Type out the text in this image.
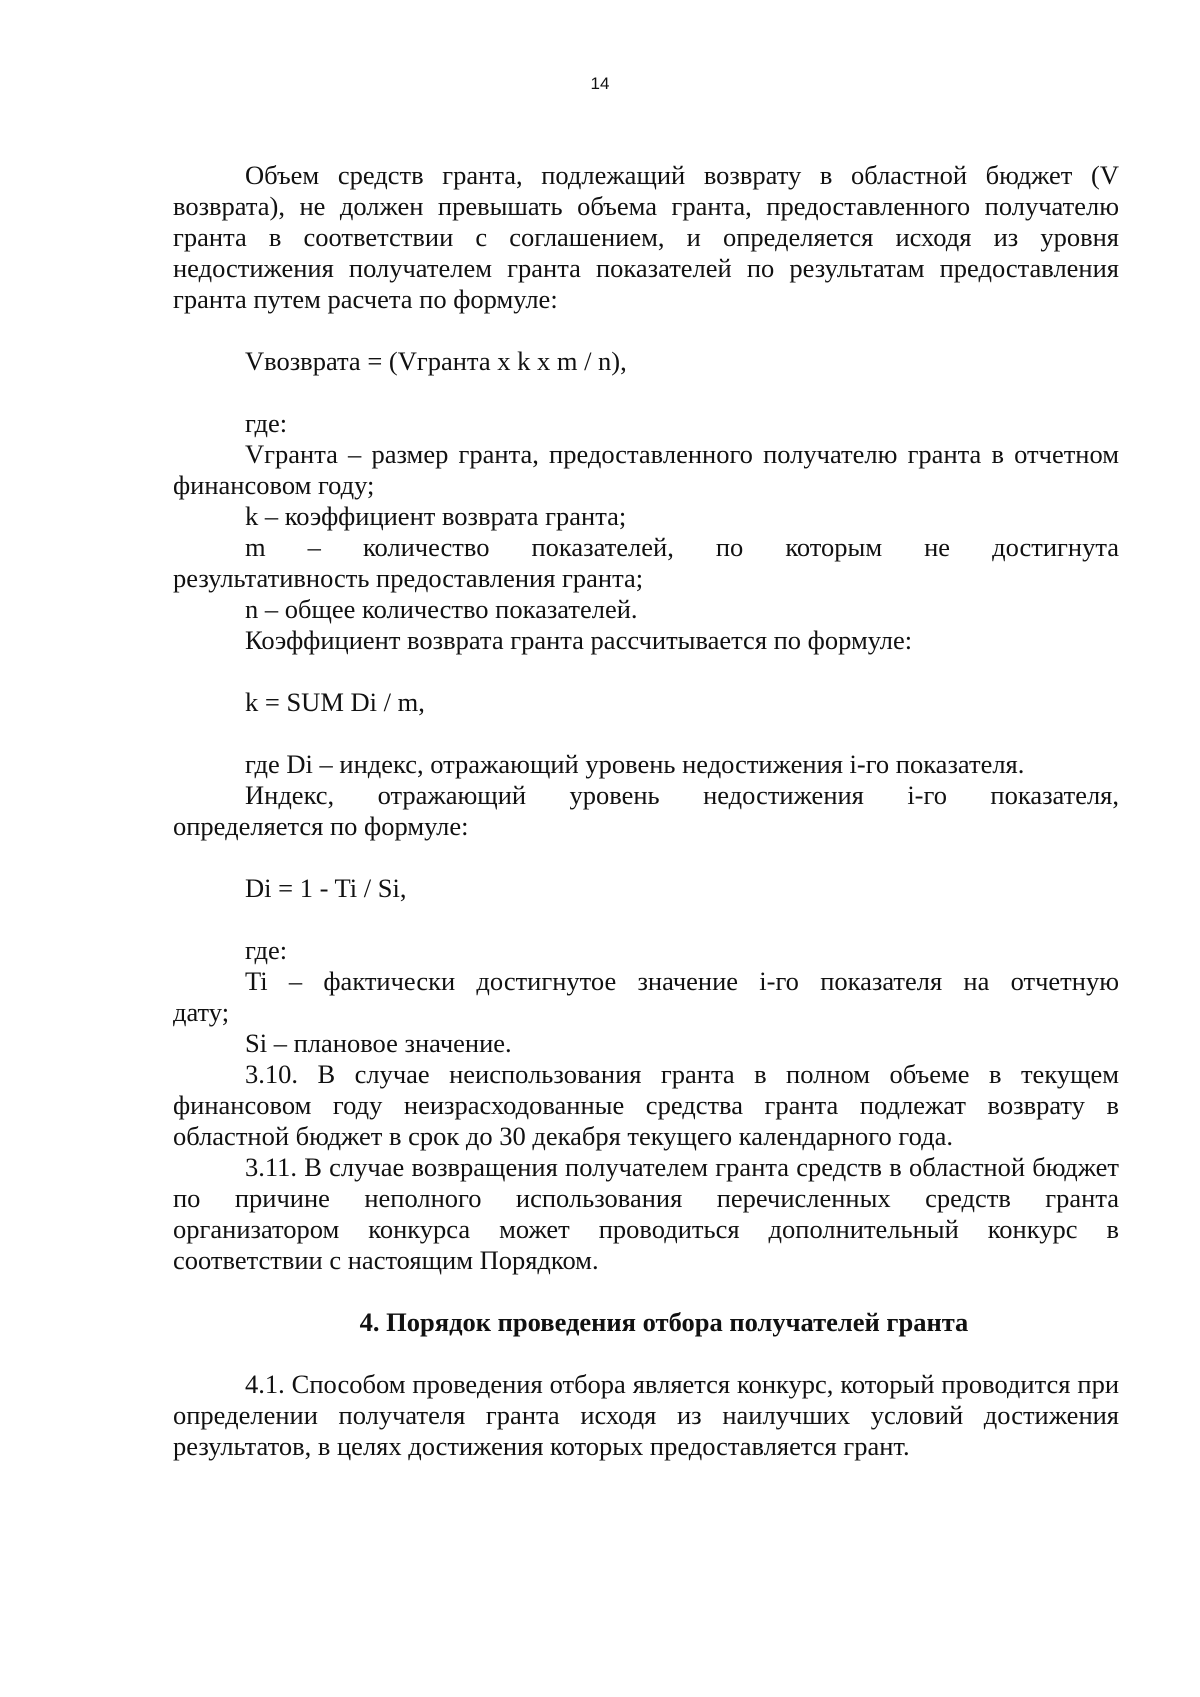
14

Объем средств гранта, подлежащий возврату в областной бюджет (V возврата), не должен превышать объема гранта, предоставленного получателю гранта в соответствии с соглашением, и определяется исходя из уровня недостижения получателем гранта показателей по результатам предоставления гранта путем расчета по формуле:

Vвозврата = (Vгранта x k x m / n),

где:

Vгранта – размер гранта, предоставленного получателю гранта в отчетном финансовом году;

k – коэффициент возврата гранта;

m – количество показателей, по которым не достигнута

результативность предоставления гранта;

n – общее количество показателей.

Коэффициент возврата гранта рассчитывается по формуле:

k = SUM Di / m,

где Di – индекс, отражающий уровень недостижения i-го показателя.

Индекс, отражающий уровень недостижения i-го показателя,

определяется по формуле:

Di = 1 - Ti / Si,

где:

Ti – фактически достигнутое значение i-го показателя на отчетную

дату;

Si – плановое значение.

3.10. В случае неиспользования гранта в полном объеме в текущем финансовом году неизрасходованные средства гранта подлежат возврату в областной бюджет в срок до 30 декабря текущего календарного года.

3.11. В случае возвращения получателем гранта средств в областной бюджет по причине неполного использования перечисленных средств гранта организатором конкурса может проводиться дополнительный конкурс в соответствии с настоящим Порядком.

4. Порядок проведения отбора получателей гранта

4.1. Способом проведения отбора является конкурс, который проводится при определении получателя гранта исходя из наилучших условий достижения результатов, в целях достижения которых предоставляется грант.
